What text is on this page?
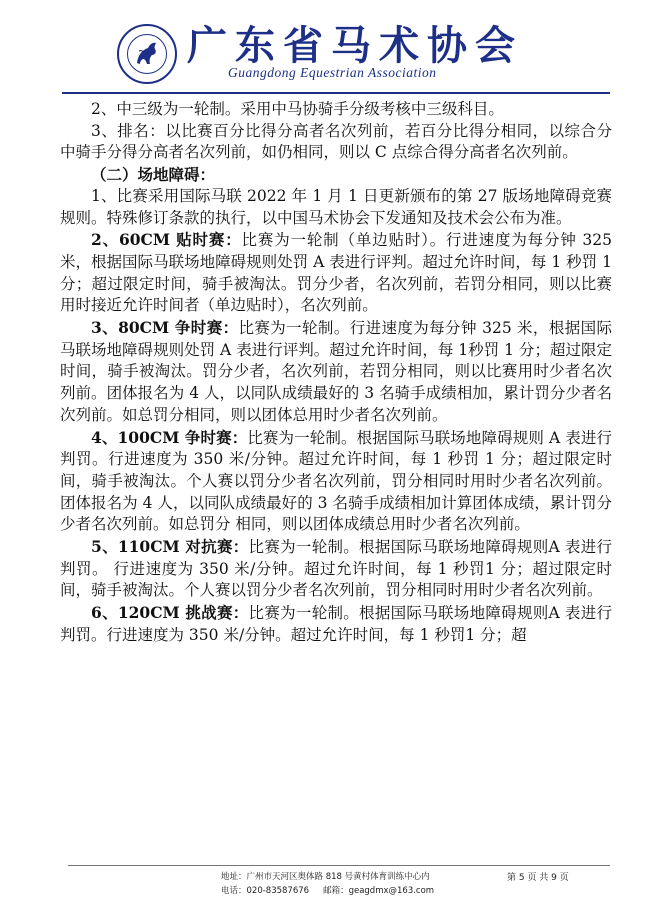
广东省马术协会
Guangdong Equestrian Association

2、中三级为一轮制。采用中马协骑手分级考核中三级科目。

3、排名：以比赛百分比得分高者名次列前，若百分比得分相同，以综合分中骑手分得分高者名次列前，如仍相同，则以 C 点综合得分高者名次列前。

（二）场地障碍：

1、比赛采用国际马联 2022 年 1 月 1 日更新颁布的第 27 版场地障碍竞赛规则。特殊修订条款的执行，以中国马术协会下发通知及技术会公布为准。

2、60CM 贴时赛：比赛为一轮制（单边贴时）。行进速度为每分钟 325 米，根据国际马联场地障碍规则处罚 A 表进行评判。超过允许时间，每 1 秒罚 1 分；超过限定时间，骑手被淘汰。罚分少者，名次列前，若罚分相同，则以比赛用时接近允许时间者（单边贴时），名次列前。

3、80CM 争时赛：比赛为一轮制。行进速度为每分钟 325 米，根据国际马联场地障碍规则处罚 A 表进行评判。超过允许时间，每 1秒罚 1 分；超过限定时间，骑手被淘汰。罚分少者，名次列前，若罚分相同，则以比赛用时少者名次列前。团体报名为 4 人，以同队成绩最好的 3 名骑手成绩相加，累计罚分少者名次列前。如总罚分相同，则以团体总用时少者名次列前。

4、100CM 争时赛：比赛为一轮制。根据国际马联场地障碍规则 A 表进行判罚。行进速度为 350 米/分钟。超过允许时间，每 1 秒罚 1 分；超过限定时间，骑手被淘汰。个人赛以罚分少者名次列前，罚分相同时用时少者名次列前。团体报名为 4 人，以同队成绩最好的 3 名骑手成绩相加计算团体成绩，累计罚分少者名次列前。如总罚分 相同，则以团体成绩总用时少者名次列前。

5、110CM 对抗赛：比赛为一轮制。根据国际马联场地障碍规则A 表进行判罚。 行进速度为 350 米/分钟。超过允许时间，每 1 秒罚1 分；超过限定时间，骑手被淘汰。个人赛以罚分少者名次列前，罚分相同时用时少者名次列前。

6、120CM 挑战赛：比赛为一轮制。根据国际马联场地障碍规则A 表进行判罚。行进速度为 350 米/分钟。超过允许时间，每 1 秒罚1 分；超

地址：广州市天河区奥体路 818 号黄村体育训练中心内
电话：020-83587676 邮箱：geagdmx@163.com
第 5 页 共 9 页
